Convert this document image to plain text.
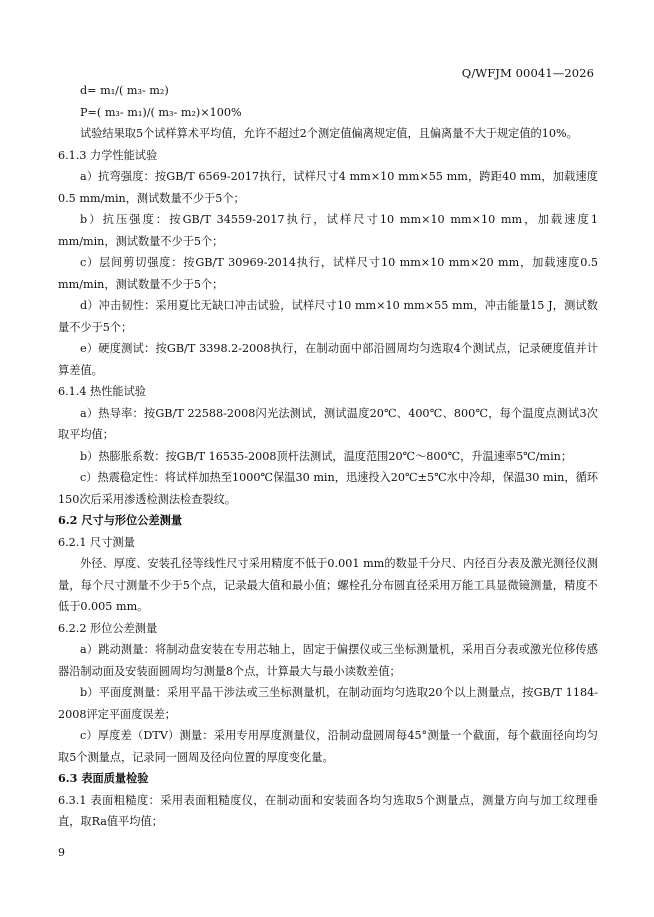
Q/WFJM 00041—2026
d= m₁/( m₃- m₂)
P=( m₃- m₁)/( m₃- m₂)×100%
试验结果取5个试样算术平均值，允许不超过2个测定值偏离规定值，且偏离量不大于规定值的10%。
6.1.3 力学性能试验
a）抗弯强度：按GB/T 6569-2017执行，试样尺寸4 mm×10 mm×55 mm，跨距40 mm，加载速度0.5 mm/min，测试数量不少于5个；
b）抗压强度：按GB/T 34559-2017执行，试样尺寸10 mm×10 mm×10 mm，加载速度1 mm/min，测试数量不少于5个；
c）层间剪切强度：按GB/T 30969-2014执行，试样尺寸10 mm×10 mm×20 mm，加载速度0.5 mm/min，测试数量不少于5个；
d）冲击韧性：采用夏比无缺口冲击试验，试样尺寸10 mm×10 mm×55 mm，冲击能量15 J，测试数量不少于5个；
e）硬度测试：按GB/T 3398.2-2008执行，在制动面中部沿圆周均匀选取4个测试点，记录硬度值并计算差值。
6.1.4 热性能试验
a）热导率：按GB/T 22588-2008闪光法测试，测试温度20℃、400℃、800℃，每个温度点测试3次取平均值；
b）热膨胀系数：按GB/T 16535-2008顶杆法测试，温度范围20℃～800℃，升温速率5℃/min；
c）热震稳定性：将试样加热至1000℃保温30 min，迅速投入20℃±5℃水中冷却，保温30 min，循环150次后采用渗透检测法检查裂纹。
6.2 尺寸与形位公差测量
6.2.1 尺寸测量
外径、厚度、安装孔径等线性尺寸采用精度不低于0.001 mm的数显千分尺、内径百分表及激光测径仪测量，每个尺寸测量不少于5个点，记录最大值和最小值；螺栓孔分布圆直径采用万能工具显微镜测量，精度不低于0.005 mm。
6.2.2 形位公差测量
a）跳动测量：将制动盘安装在专用芯轴上，固定于偏摆仪或三坐标测量机，采用百分表或激光位移传感器沿制动面及安装面圆周均匀测量8个点，计算最大与最小读数差值；
b）平面度测量：采用平晶干涉法或三坐标测量机，在制动面均匀选取20个以上测量点，按GB/T 1184-2008评定平面度误差；
c）厚度差（DTV）测量：采用专用厚度测量仪，沿制动盘圆周每45°测量一个截面，每个截面径向均匀取5个测量点，记录同一圆周及径向位置的厚度变化量。
6.3 表面质量检验
6.3.1 表面粗糙度：采用表面粗糙度仪，在制动面和安装面各均匀选取5个测量点，测量方向与加工纹理垂直，取Ra值平均值；
9
